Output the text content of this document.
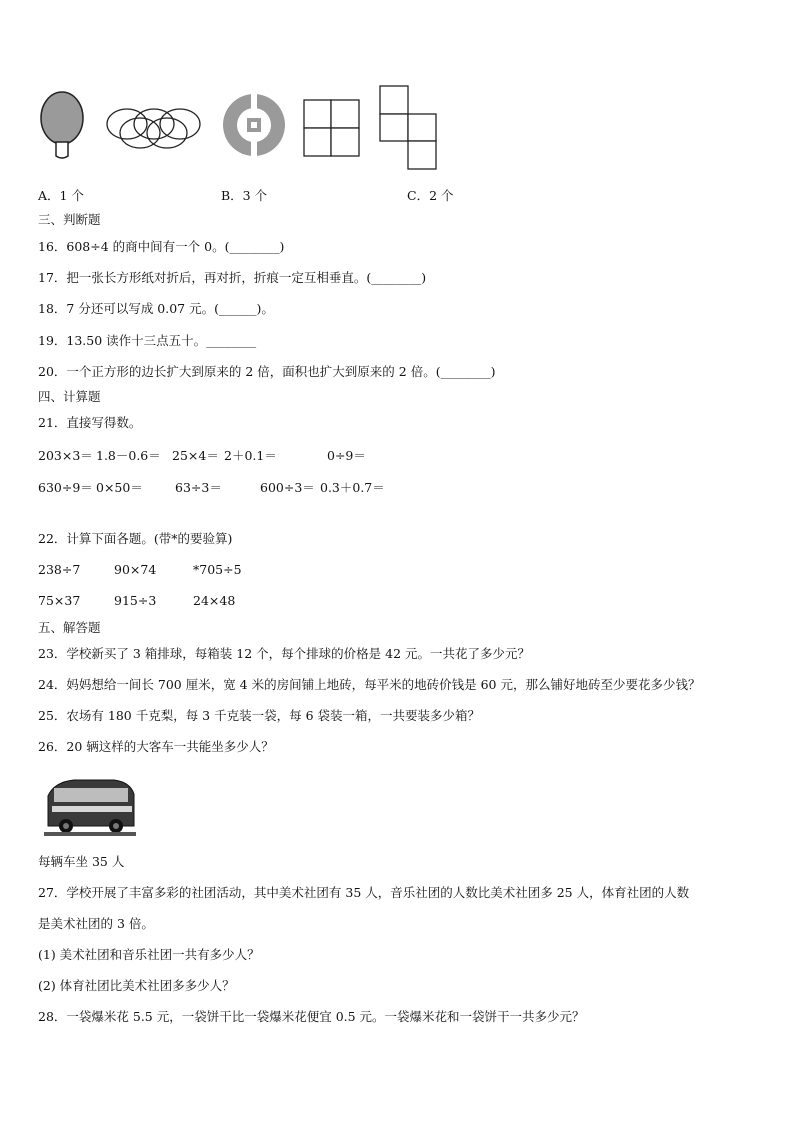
A．1 个	B．3 个	C．2 个
三、判断题
16．608÷4 的商中间有一个 0。(________)
17．把一张长方形纸对折后，再对折，折痕一定互相垂直。(________)
18．7 分还可以写成 0.07 元。(______)。
19．13.50 读作十三点五十。________
20．一个正方形的边长扩大到原来的 2 倍，面积也扩大到原来的 2 倍。(________)
四、计算题
21．直接写得数。
203×3＝ 1.8－0.6＝ 25×4＝ 2＋0.1＝	0÷9＝
630÷9＝ 0×50＝	63÷3＝	600÷3＝ 0.3＋0.7＝
22．计算下面各题。(带*的要验算)
238÷7	90×74	*705÷5
75×37	915÷3	24×48
五、解答题
23．学校新买了 3 箱排球，每箱装 12 个，每个排球的价格是 42 元。一共花了多少元？
24．妈妈想给一间长 700 厘米，宽 4 米的房间铺上地砖，每平米的地砖价钱是 60 元，那么铺好地砖至少要花多少钱？
25．农场有 180 千克梨，每 3 千克装一袋，每 6 袋装一箱，一共要装多少箱？
26．20 辆这样的大客车一共能坐多少人？
每辆车坐 35 人
27．学校开展了丰富多彩的社团活动，其中美术社团有 35 人，音乐社团的人数比美术社团多 25 人，体育社团的人数
是美术社团的 3 倍。
(1) 美术社团和音乐社团一共有多少人？
(2) 体育社团比美术社团多多少人？
28．一袋爆米花 5.5 元，一袋饼干比一袋爆米花便宜 0.5 元。一袋爆米花和一袋饼干一共多少元？
